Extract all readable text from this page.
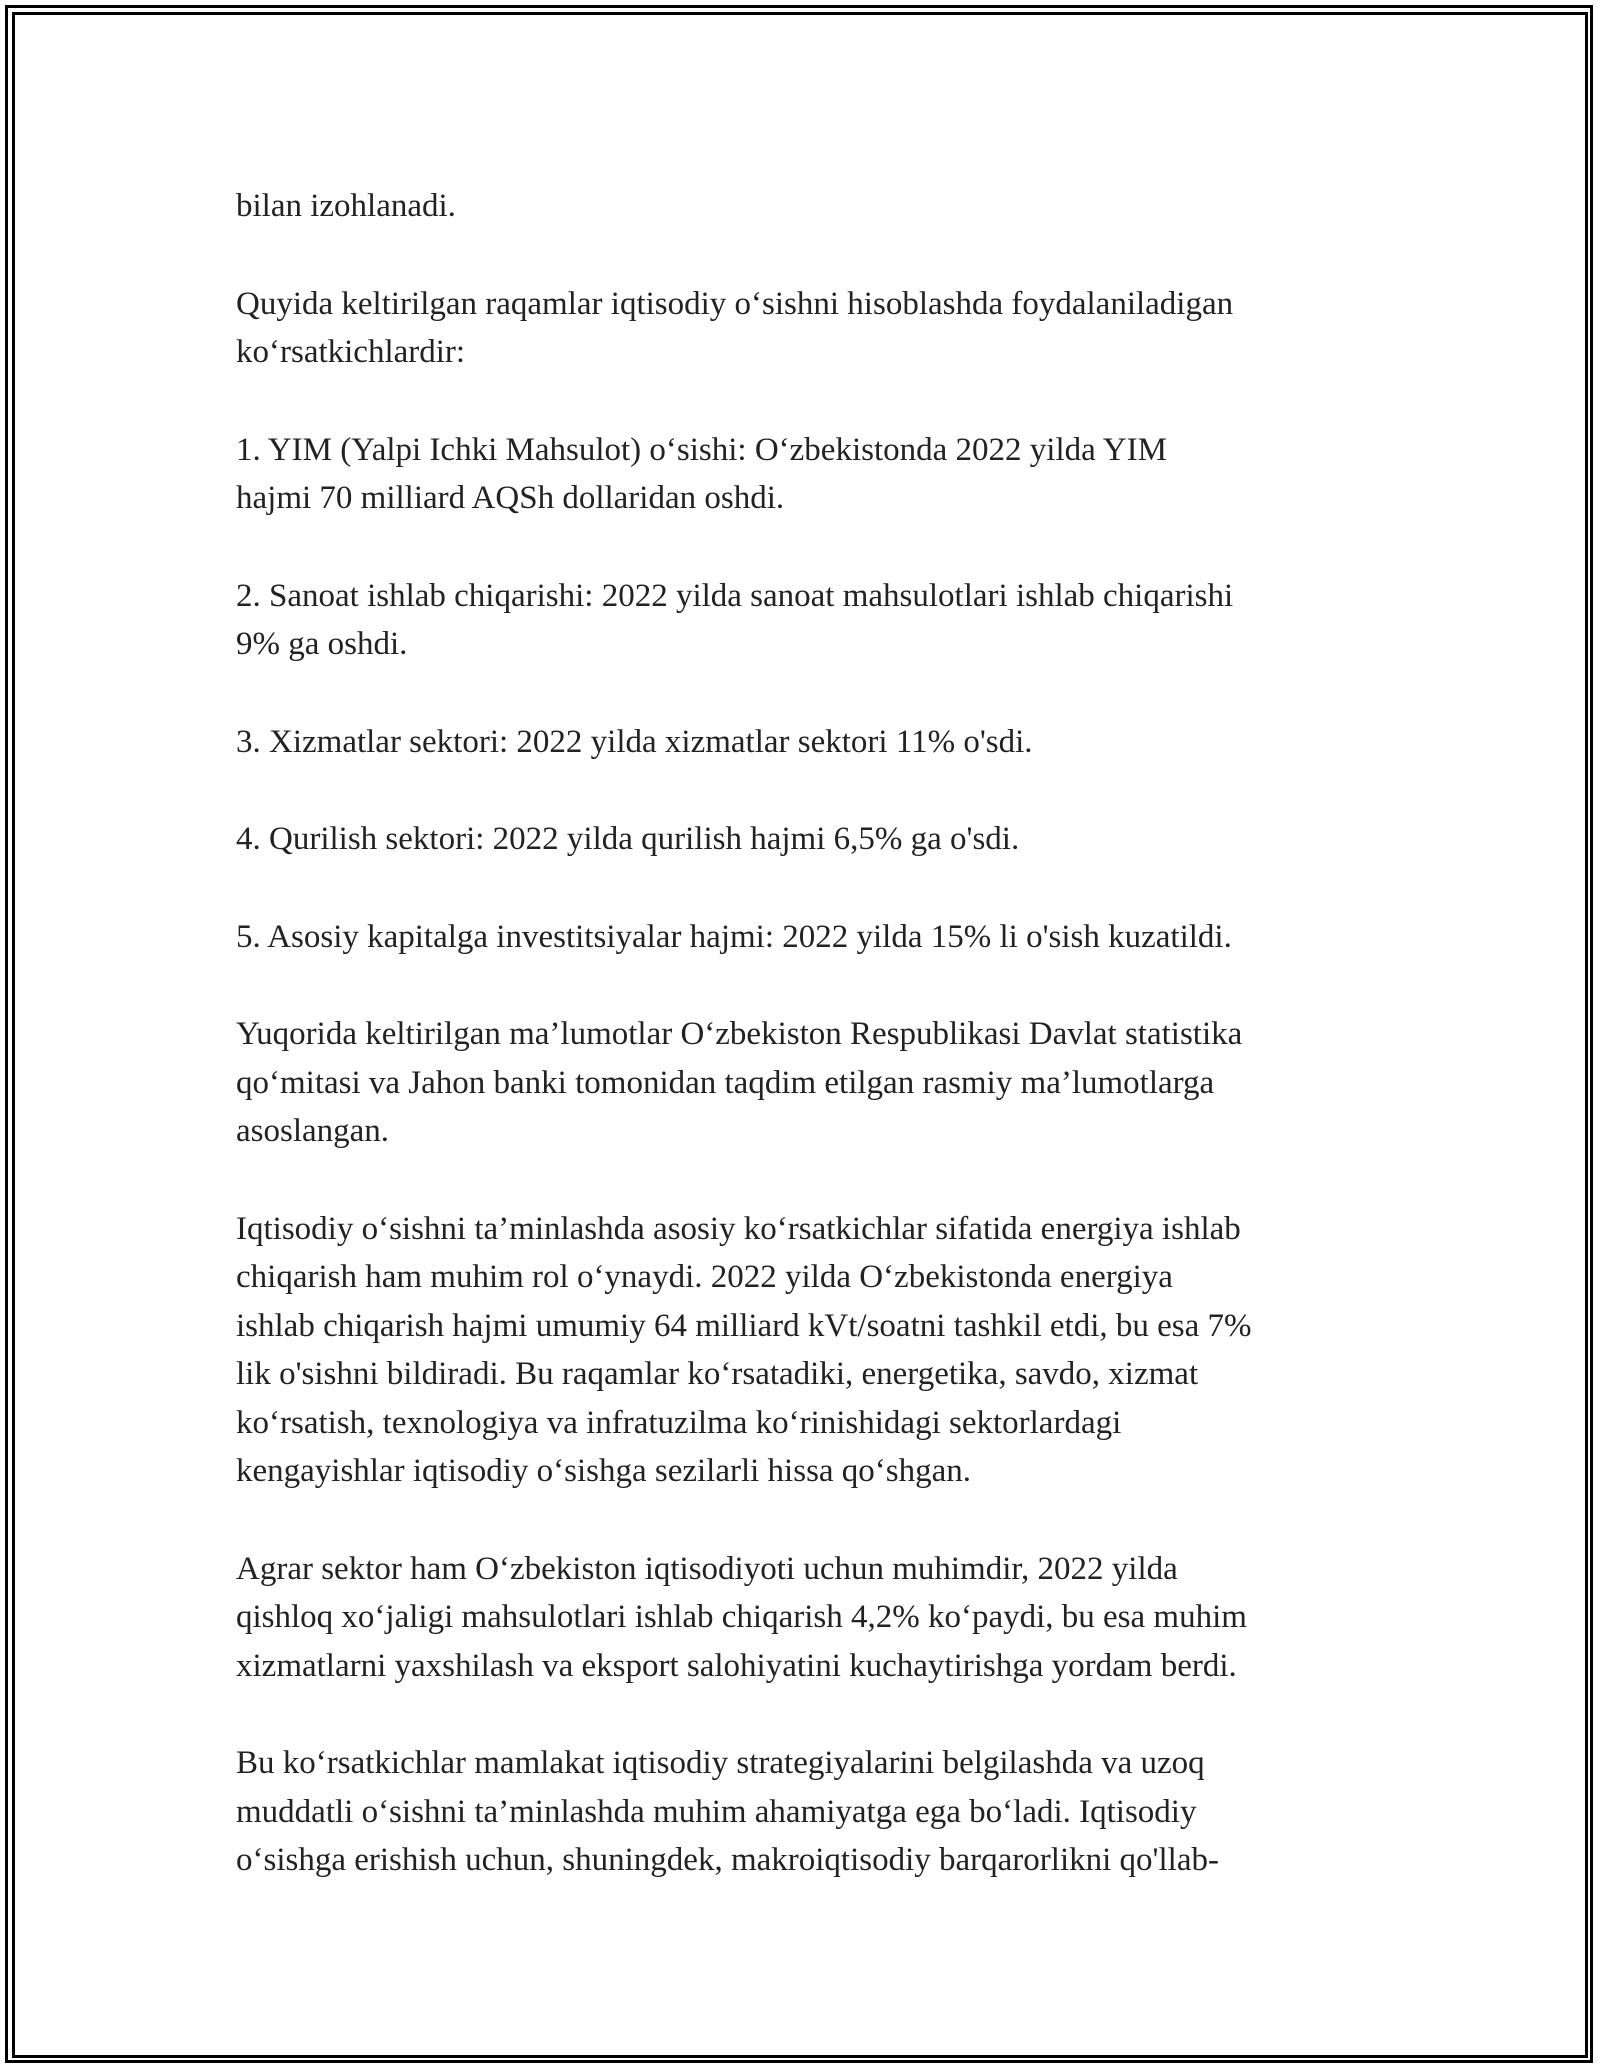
bilan izohlanadi.

Quyida keltirilgan raqamlar iqtisodiy o‘sishni hisoblashda foydalaniladigan
ko‘rsatkichlardir:

1. YIM (Yalpi Ichki Mahsulot) o‘sishi: O‘zbekistonda 2022 yilda YIM
hajmi 70 milliard AQSh dollaridan oshdi.

2. Sanoat ishlab chiqarishi: 2022 yilda sanoat mahsulotlari ishlab chiqarishi
9% ga oshdi.

3. Xizmatlar sektori: 2022 yilda xizmatlar sektori 11% o'sdi.

4. Qurilish sektori: 2022 yilda qurilish hajmi 6,5% ga o'sdi.

5. Asosiy kapitalga investitsiyalar hajmi: 2022 yilda 15% li o'sish kuzatildi.

Yuqorida keltirilgan ma’lumotlar O‘zbekiston Respublikasi Davlat statistika
qo‘mitasi va Jahon banki tomonidan taqdim etilgan rasmiy ma’lumotlarga
asoslangan.

Iqtisodiy o‘sishni ta’minlashda asosiy ko‘rsatkichlar sifatida energiya ishlab
chiqarish ham muhim rol o‘ynaydi. 2022 yilda O‘zbekistonda energiya
ishlab chiqarish hajmi umumiy 64 milliard kVt/soatni tashkil etdi, bu esa 7%
lik o'sishni bildiradi. Bu raqamlar ko‘rsatadiki, energetika, savdo, xizmat
ko‘rsatish, texnologiya va infratuzilma ko‘rinishidagi sektorlardagi
kengayishlar iqtisodiy o‘sishga sezilarli hissa qo‘shgan.

Agrar sektor ham O‘zbekiston iqtisodiyoti uchun muhimdir, 2022 yilda
qishloq xo‘jaligi mahsulotlari ishlab chiqarish 4,2% ko‘paydi, bu esa muhim
xizmatlarni yaxshilash va eksport salohiyatini kuchaytirishga yordam berdi.

Bu ko‘rsatkichlar mamlakat iqtisodiy strategiyalarini belgilashda va uzoq
muddatli o‘sishni ta’minlashda muhim ahamiyatga ega bo‘ladi. Iqtisodiy
o‘sishga erishish uchun, shuningdek, makroiqtisodiy barqarorlikni qo'llab-
